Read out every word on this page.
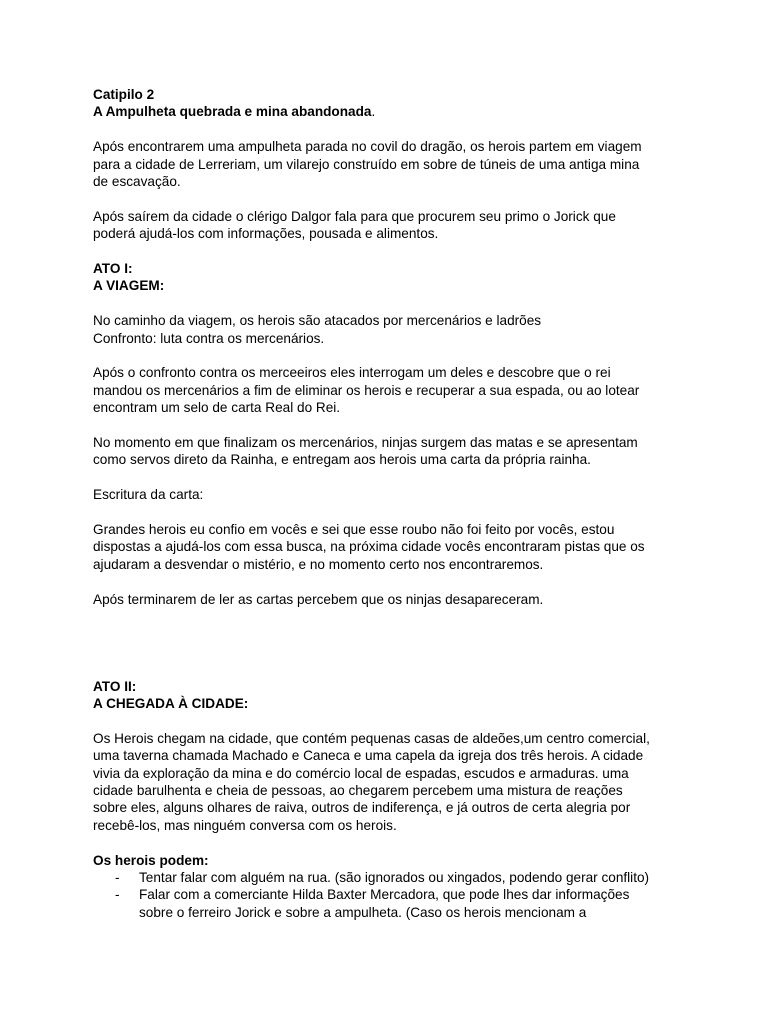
Catipilo 2
A Ampulheta quebrada e mina abandonada.
Após encontrarem uma ampulheta parada no covil do dragão, os herois partem em viagem
para a cidade de Lerreriam, um vilarejo construído em sobre de túneis de uma antiga mina
de escavação.
Após saírem da cidade o clérigo Dalgor fala para que procurem seu primo o Jorick que
poderá ajudá-los com informações, pousada e alimentos.
ATO I:
A VIAGEM:
No caminho da viagem, os herois são atacados por mercenários e ladrões
Confronto: luta contra os mercenários.
Após o confronto contra os merceeiros eles interrogam um deles e descobre que o rei
mandou os mercenários a fim de eliminar os herois e recuperar a sua espada, ou ao lotear
encontram um selo de carta Real do Rei.
No momento em que finalizam os mercenários, ninjas surgem das matas e se apresentam
como servos direto da Rainha, e entregam aos herois uma carta da própria rainha.
Escritura da carta:
Grandes herois eu confio em vocês e sei que esse roubo não foi feito por vocês, estou
dispostas a ajudá-los com essa busca, na próxima cidade vocês encontraram pistas que os
ajudaram a desvendar o mistério, e no momento certo nos encontraremos.
Após terminarem de ler as cartas percebem que os ninjas desapareceram.
ATO II:
A CHEGADA À CIDADE:
Os Herois chegam na cidade, que contém pequenas casas de aldeões,um centro comercial,
uma taverna chamada Machado e Caneca e uma capela da igreja dos três herois. A cidade
vivia da exploração da mina e do comércio local de espadas, escudos e armaduras. uma
cidade barulhenta e cheia de pessoas, ao chegarem percebem uma mistura de reações
sobre eles, alguns olhares de raiva, outros de indiferença, e já outros de certa alegria por
recebê-los, mas ninguém conversa com os herois.
Os herois podem:
- Tentar falar com alguém na rua. (são ignorados ou xingados, podendo gerar conflito)
- Falar com a comerciante Hilda Baxter Mercadora, que pode lhes dar informações
sobre o ferreiro Jorick e sobre a ampulheta. (Caso os herois mencionam a
